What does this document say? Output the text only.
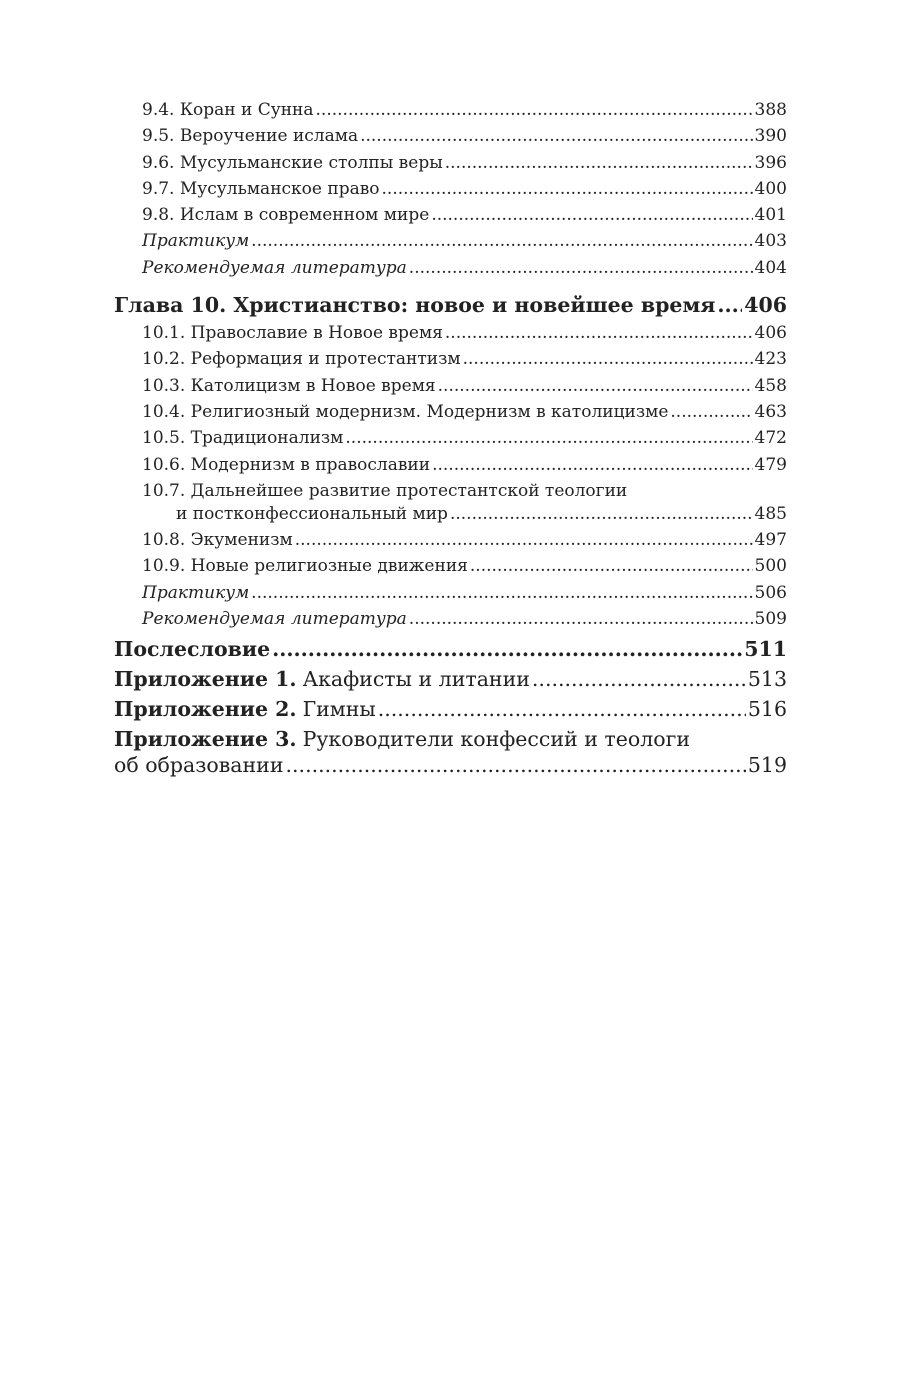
9.4. Коран и Сунна .....	388
9.5. Вероучение ислама .....	390
9.6. Мусульманские столпы веры .....	396
9.7. Мусульманское право .....	400
9.8. Ислам в современном мире .....	401
Практикум .....	403
Рекомендуемая литература .....	404
Глава 10. Христианство: новое и новейшее время ..... 406
10.1. Православие в Новое время .....	406
10.2. Реформация и протестантизм .....	423
10.3. Католицизм в Новое время .....	458
10.4. Религиозный модернизм. Модернизм в католицизме .....	463
10.5. Традиционализм .....	472
10.6. Модернизм в православии .....	479
10.7. Дальнейшее развитие протестантской теологии
и постконфессиональный мир .....	485
10.8. Экуменизм .....	497
10.9. Новые религиозные движения .....	500
Практикум .....	506
Рекомендуемая литература .....	509
Послесловие .....	511
Приложение 1. Акафисты и литании .....	513
Приложение 2. Гимны .....	516
Приложение 3. Руководители конфессий и теологи
об образовании .....	519
